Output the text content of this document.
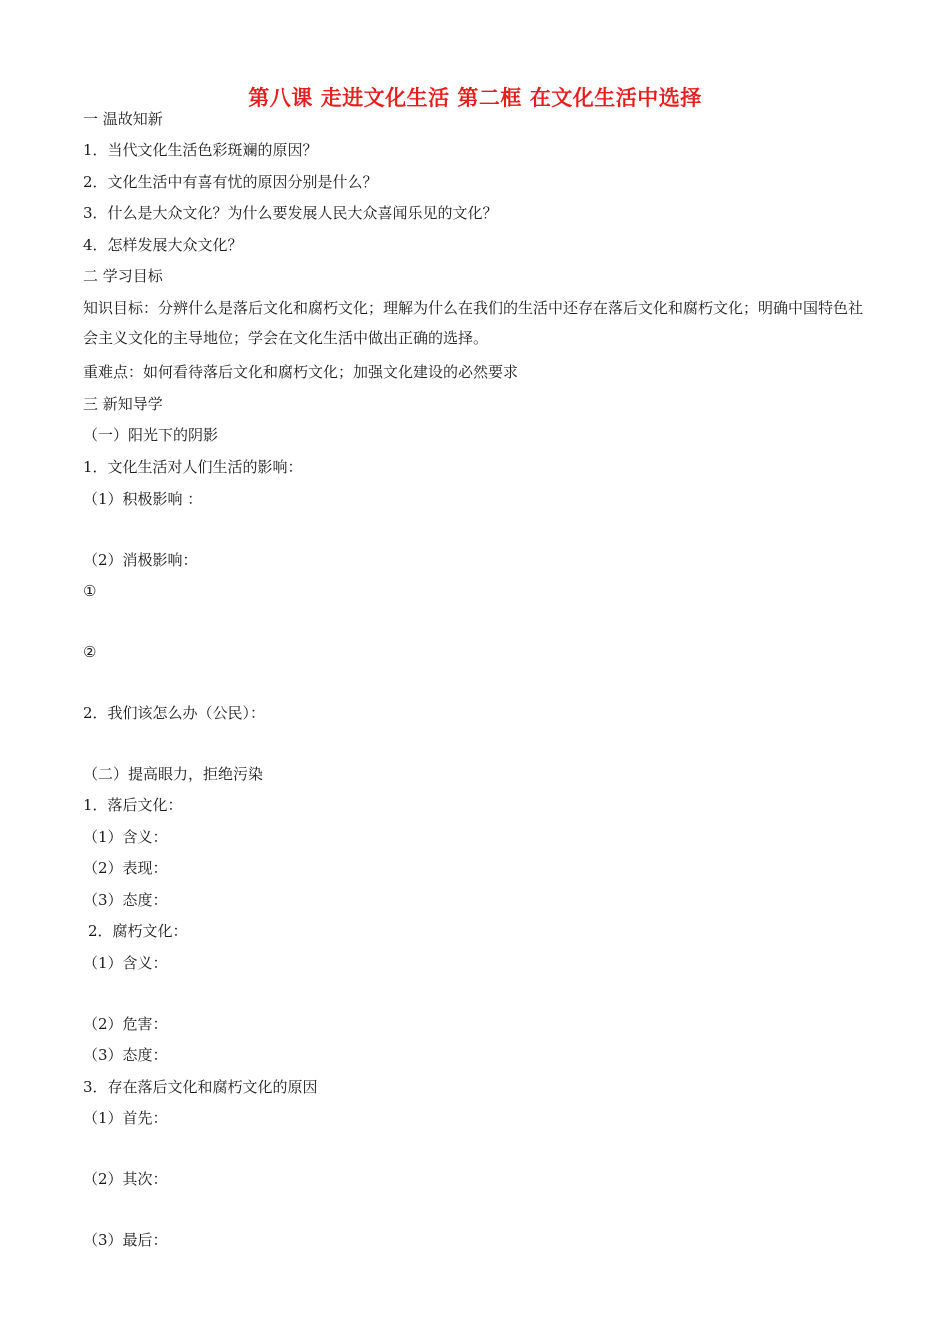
第八课 走进文化生活 第二框 在文化生活中选择
一 温故知新
1．当代文化生活色彩斑斓的原因？
2．文化生活中有喜有忧的原因分别是什么？
3．什么是大众文化？为什么要发展人民大众喜闻乐见的文化？
4．怎样发展大众文化？
二 学习目标
知识目标：分辨什么是落后文化和腐朽文化；理解为什么在我们的生活中还存在落后文化和腐朽文化；明确中国特色社会主义文化的主导地位；学会在文化生活中做出正确的选择。
重难点：如何看待落后文化和腐朽文化；加强文化建设的必然要求
三 新知导学
（一）阳光下的阴影
1．文化生活对人们生活的影响：
（1）积极影响 ：
（2）消极影响：
①
②
2．我们该怎么办（公民）：
（二）提高眼力，拒绝污染
1．落后文化：
（1）含义：
（2）表现：
（3）态度：
2．腐朽文化：
（1）含义：
（2）危害：
（3）态度：
3．存在落后文化和腐朽文化的原因
（1）首先：
（2）其次：
（3）最后：
